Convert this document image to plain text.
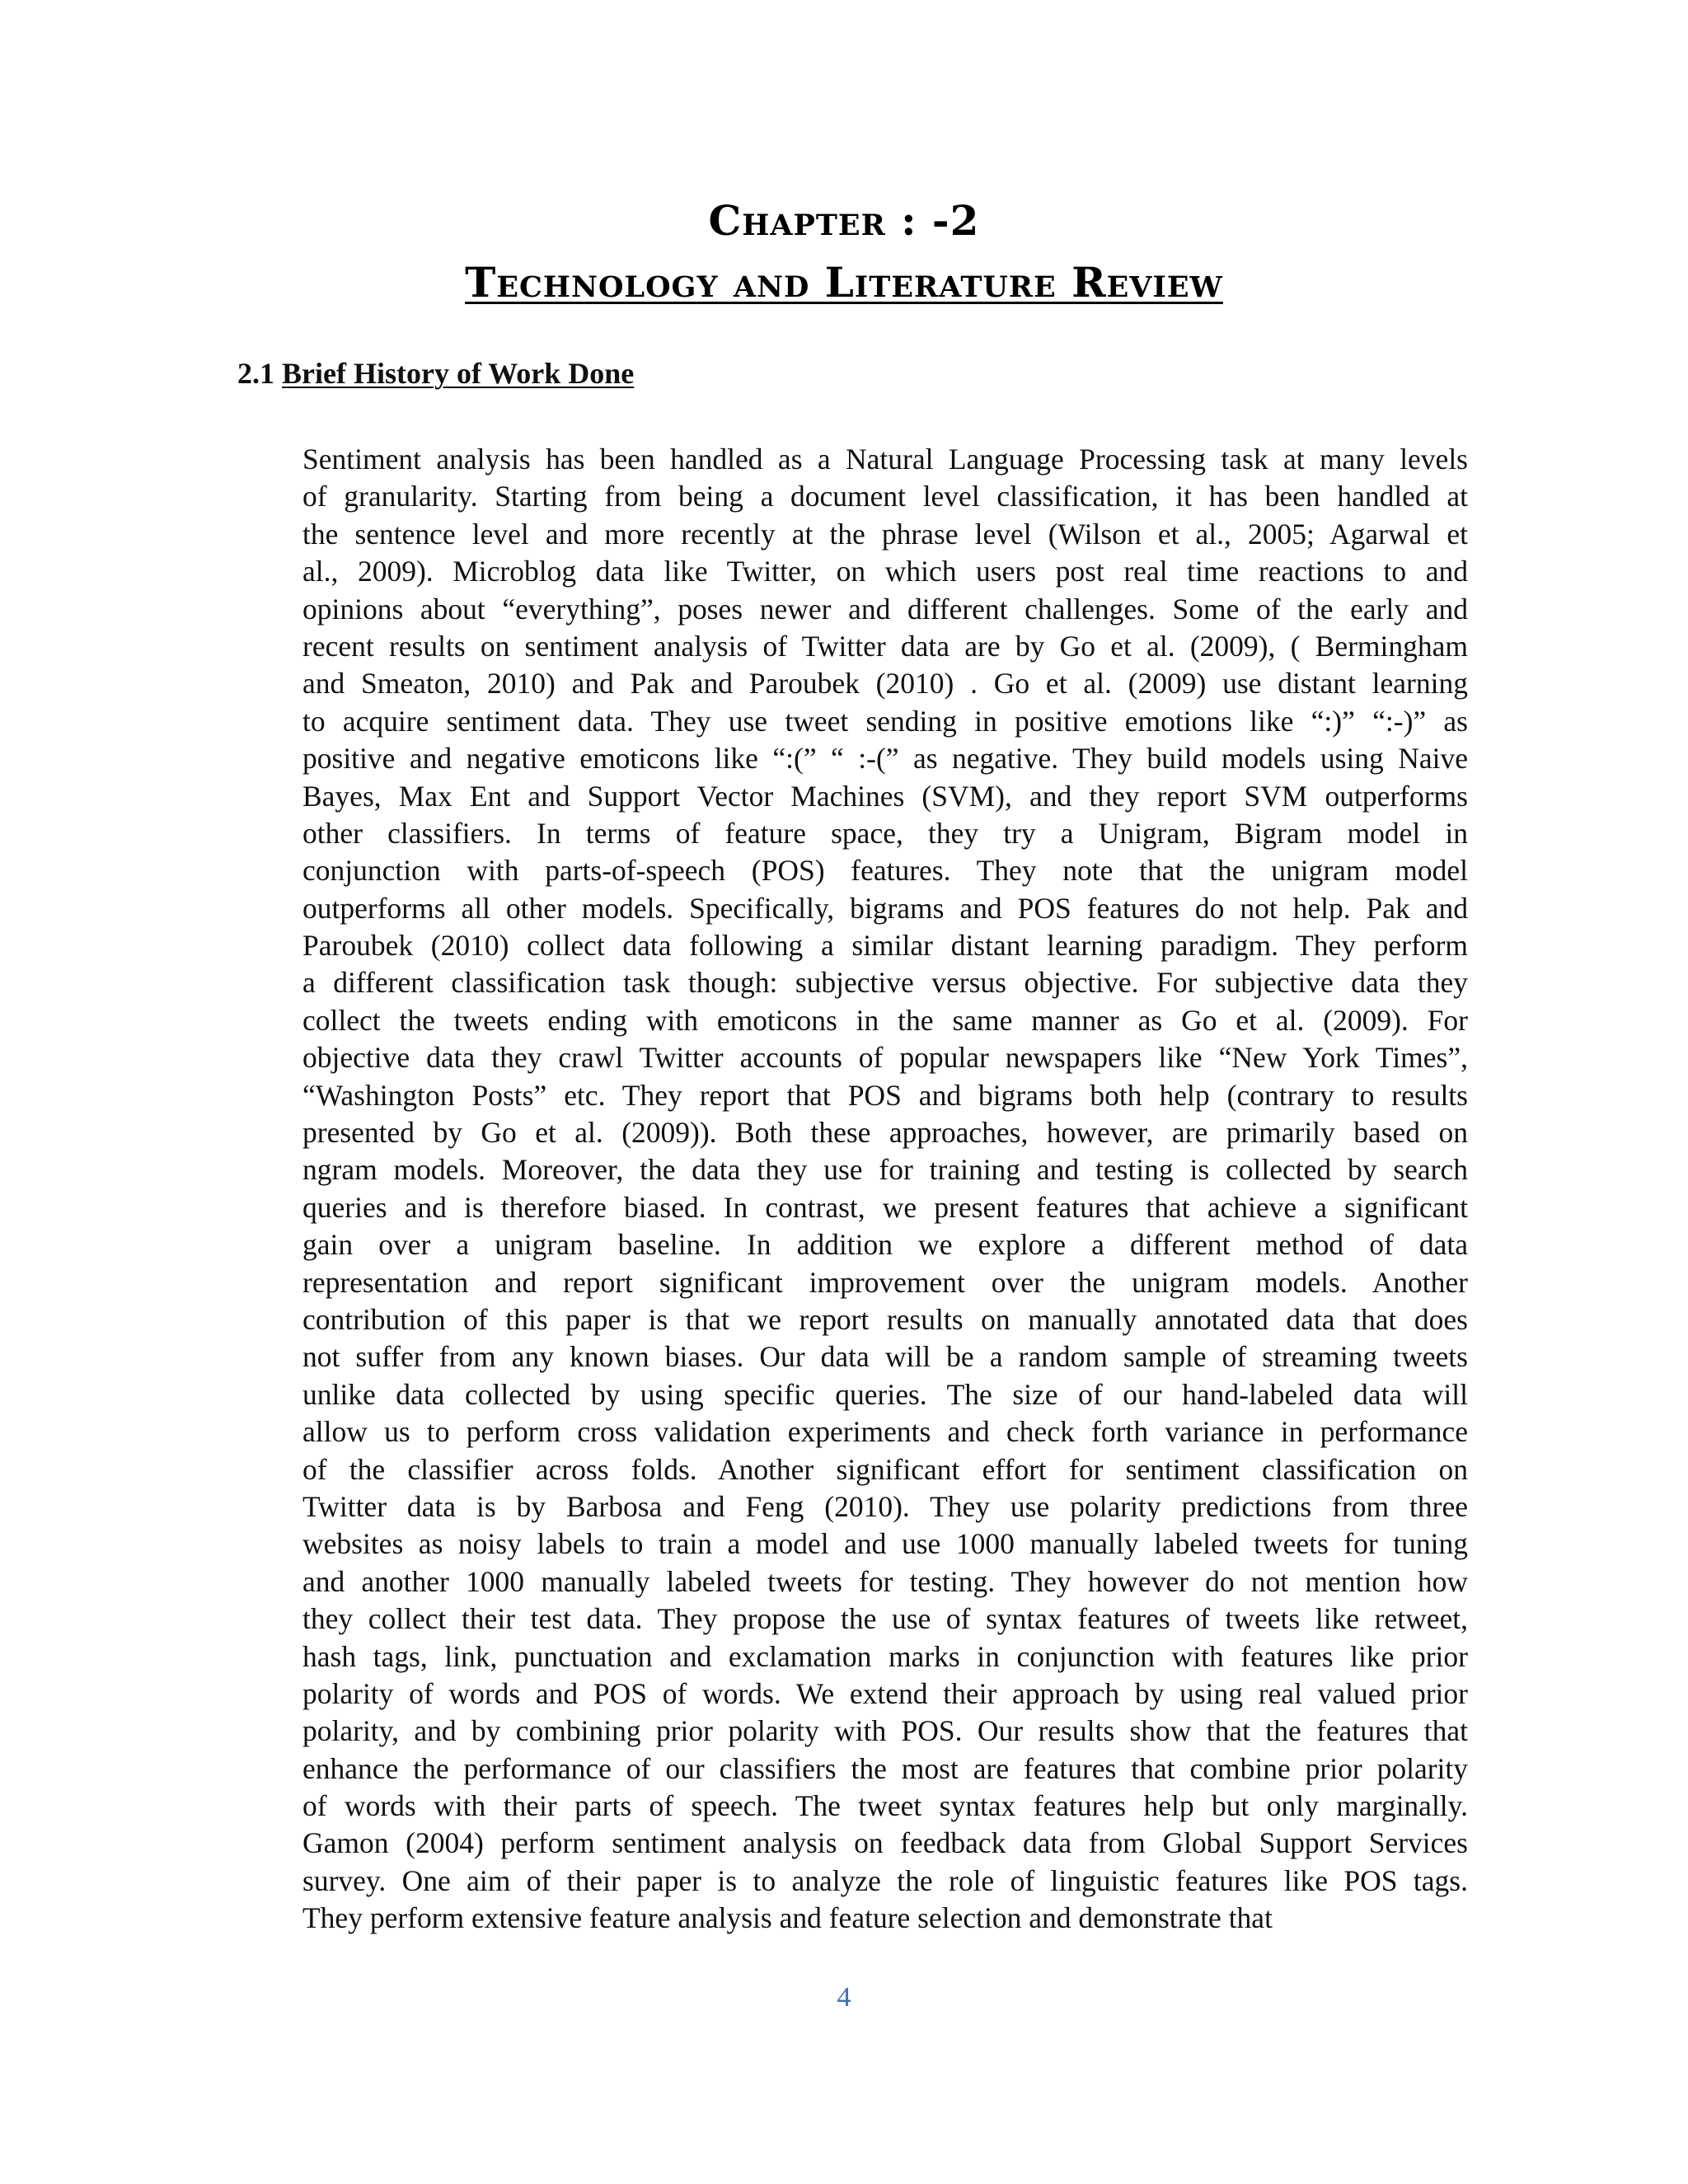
Chapter : -2
Technology and Literature Review
2.1 Brief History of Work Done
Sentiment analysis has been handled as a Natural Language Processing task at many levels
of granularity. Starting from being a document level classification, it has been handled at
the sentence level and more recently at the phrase level (Wilson et al., 2005; Agarwal et
al., 2009). Microblog data like Twitter, on which users post real time reactions to and
opinions about “everything”, poses newer and different challenges. Some of the early and
recent results on sentiment analysis of Twitter data are by Go et al. (2009), ( Bermingham
and Smeaton, 2010) and Pak and Paroubek (2010) . Go et al. (2009) use distant learning
to acquire sentiment data. They use tweet sending in positive emotions like “:)” “:-)” as
positive and negative emoticons like “:(” “ :-(” as negative. They build models using Naive
Bayes, Max Ent and Support Vector Machines (SVM), and they report SVM outperforms
other classifiers. In terms of feature space, they try a Unigram, Bigram model in
conjunction with parts-of-speech (POS) features. They note that the unigram model
outperforms all other models. Specifically, bigrams and POS features do not help. Pak and
Paroubek (2010) collect data following a similar distant learning paradigm. They perform
a different classification task though: subjective versus objective. For subjective data they
collect the tweets ending with emoticons in the same manner as Go et al. (2009). For
objective data they crawl Twitter accounts of popular newspapers like “New York Times”,
“Washington Posts” etc. They report that POS and bigrams both help (contrary to results
presented by Go et al. (2009)). Both these approaches, however, are primarily based on
ngram models. Moreover, the data they use for training and testing is collected by search
queries and is therefore biased. In contrast, we present features that achieve a significant
gain over a unigram baseline. In addition we explore a different method of data
representation and report significant improvement over the unigram models. Another
contribution of this paper is that we report results on manually annotated data that does
not suffer from any known biases. Our data will be a random sample of streaming tweets
unlike data collected by using specific queries. The size of our hand-labeled data will
allow us to perform cross validation experiments and check forth variance in performance
of the classifier across folds. Another significant effort for sentiment classification on
Twitter data is by Barbosa and Feng (2010). They use polarity predictions from three
websites as noisy labels to train a model and use 1000 manually labeled tweets for tuning
and another 1000 manually labeled tweets for testing. They however do not mention how
they collect their test data. They propose the use of syntax features of tweets like retweet,
hash tags, link, punctuation and exclamation marks in conjunction with features like prior
polarity of words and POS of words. We extend their approach by using real valued prior
polarity, and by combining prior polarity with POS. Our results show that the features that
enhance the performance of our classifiers the most are features that combine prior polarity
of words with their parts of speech. The tweet syntax features help but only marginally.
Gamon (2004) perform sentiment analysis on feedback data from Global Support Services
survey. One aim of their paper is to analyze the role of linguistic features like POS tags.
They perform extensive feature analysis and feature selection and demonstrate that
4
